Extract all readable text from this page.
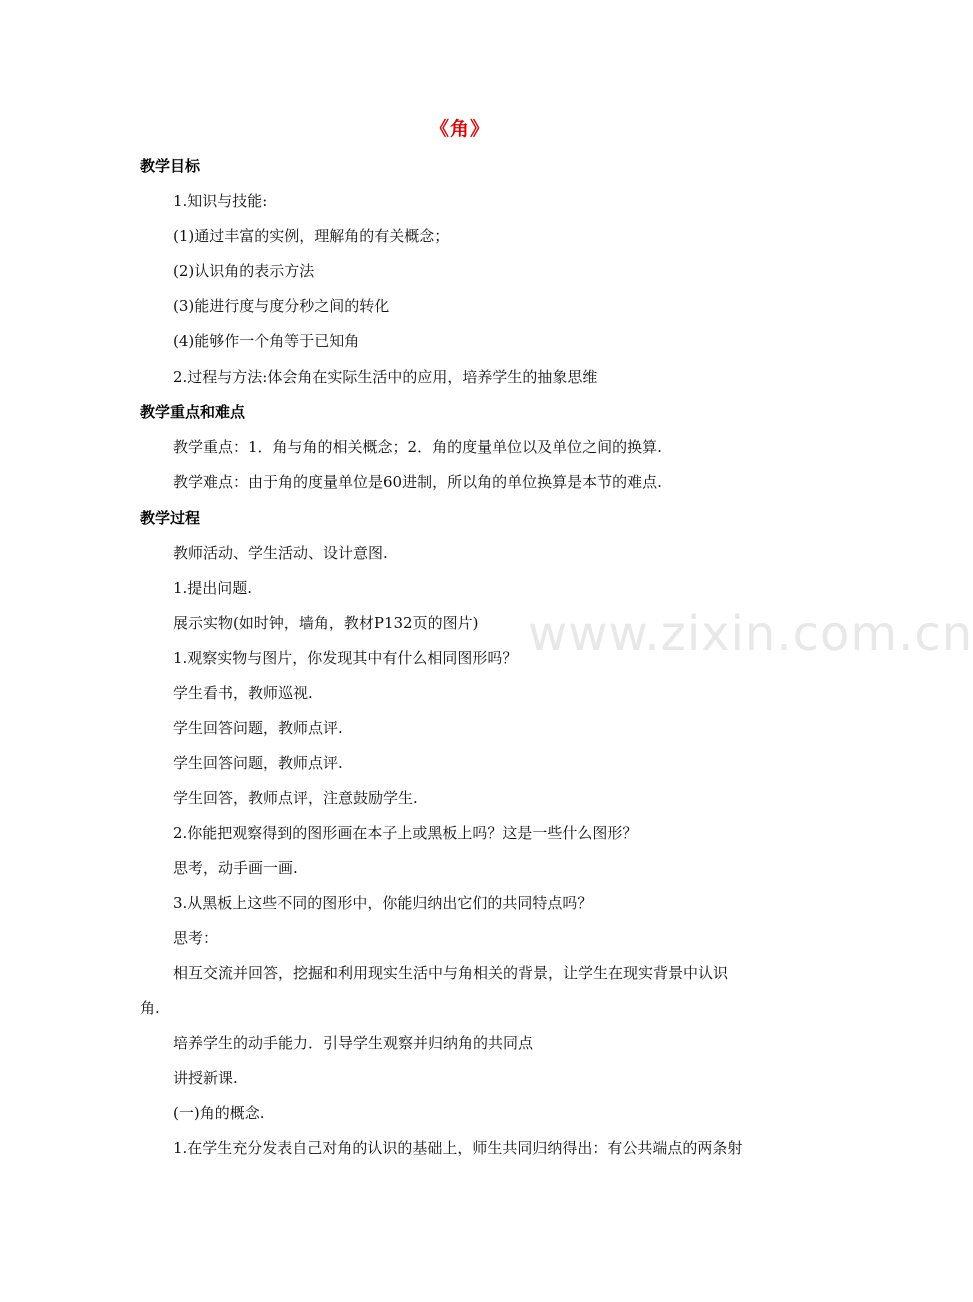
《角》
教学目标
1.知识与技能:
(1)通过丰富的实例，理解角的有关概念；
(2)认识角的表示方法
(3)能进行度与度分秒之间的转化
(4)能够作一个角等于已知角
2.过程与方法:体会角在实际生活中的应用，培养学生的抽象思维
教学重点和难点
教学重点：1．角与角的相关概念；2．角的度量单位以及单位之间的换算.
教学难点：由于角的度量单位是60进制，所以角的单位换算是本节的难点.
教学过程
教师活动、学生活动、设计意图.
1.提出问题.
展示实物(如时钟，墙角，教材P132页的图片)
1.观察实物与图片，你发现其中有什么相同图形吗？
学生看书，教师巡视.
学生回答问题，教师点评.
学生回答问题，教师点评.
学生回答，教师点评，注意鼓励学生.
2.你能把观察得到的图形画在本子上或黑板上吗？这是一些什么图形？
思考，动手画一画.
3.从黑板上这些不同的图形中，你能归纳出它们的共同特点吗？
思考：
相互交流并回答，挖掘和利用现实生活中与角相关的背景，让学生在现实背景中认识
角.
培养学生的动手能力．引导学生观察并归纳角的共同点
讲授新课.
(一)角的概念.
1.在学生充分发表自己对角的认识的基础上，师生共同归纳得出：有公共端点的两条射
www.zixin.com.cn
